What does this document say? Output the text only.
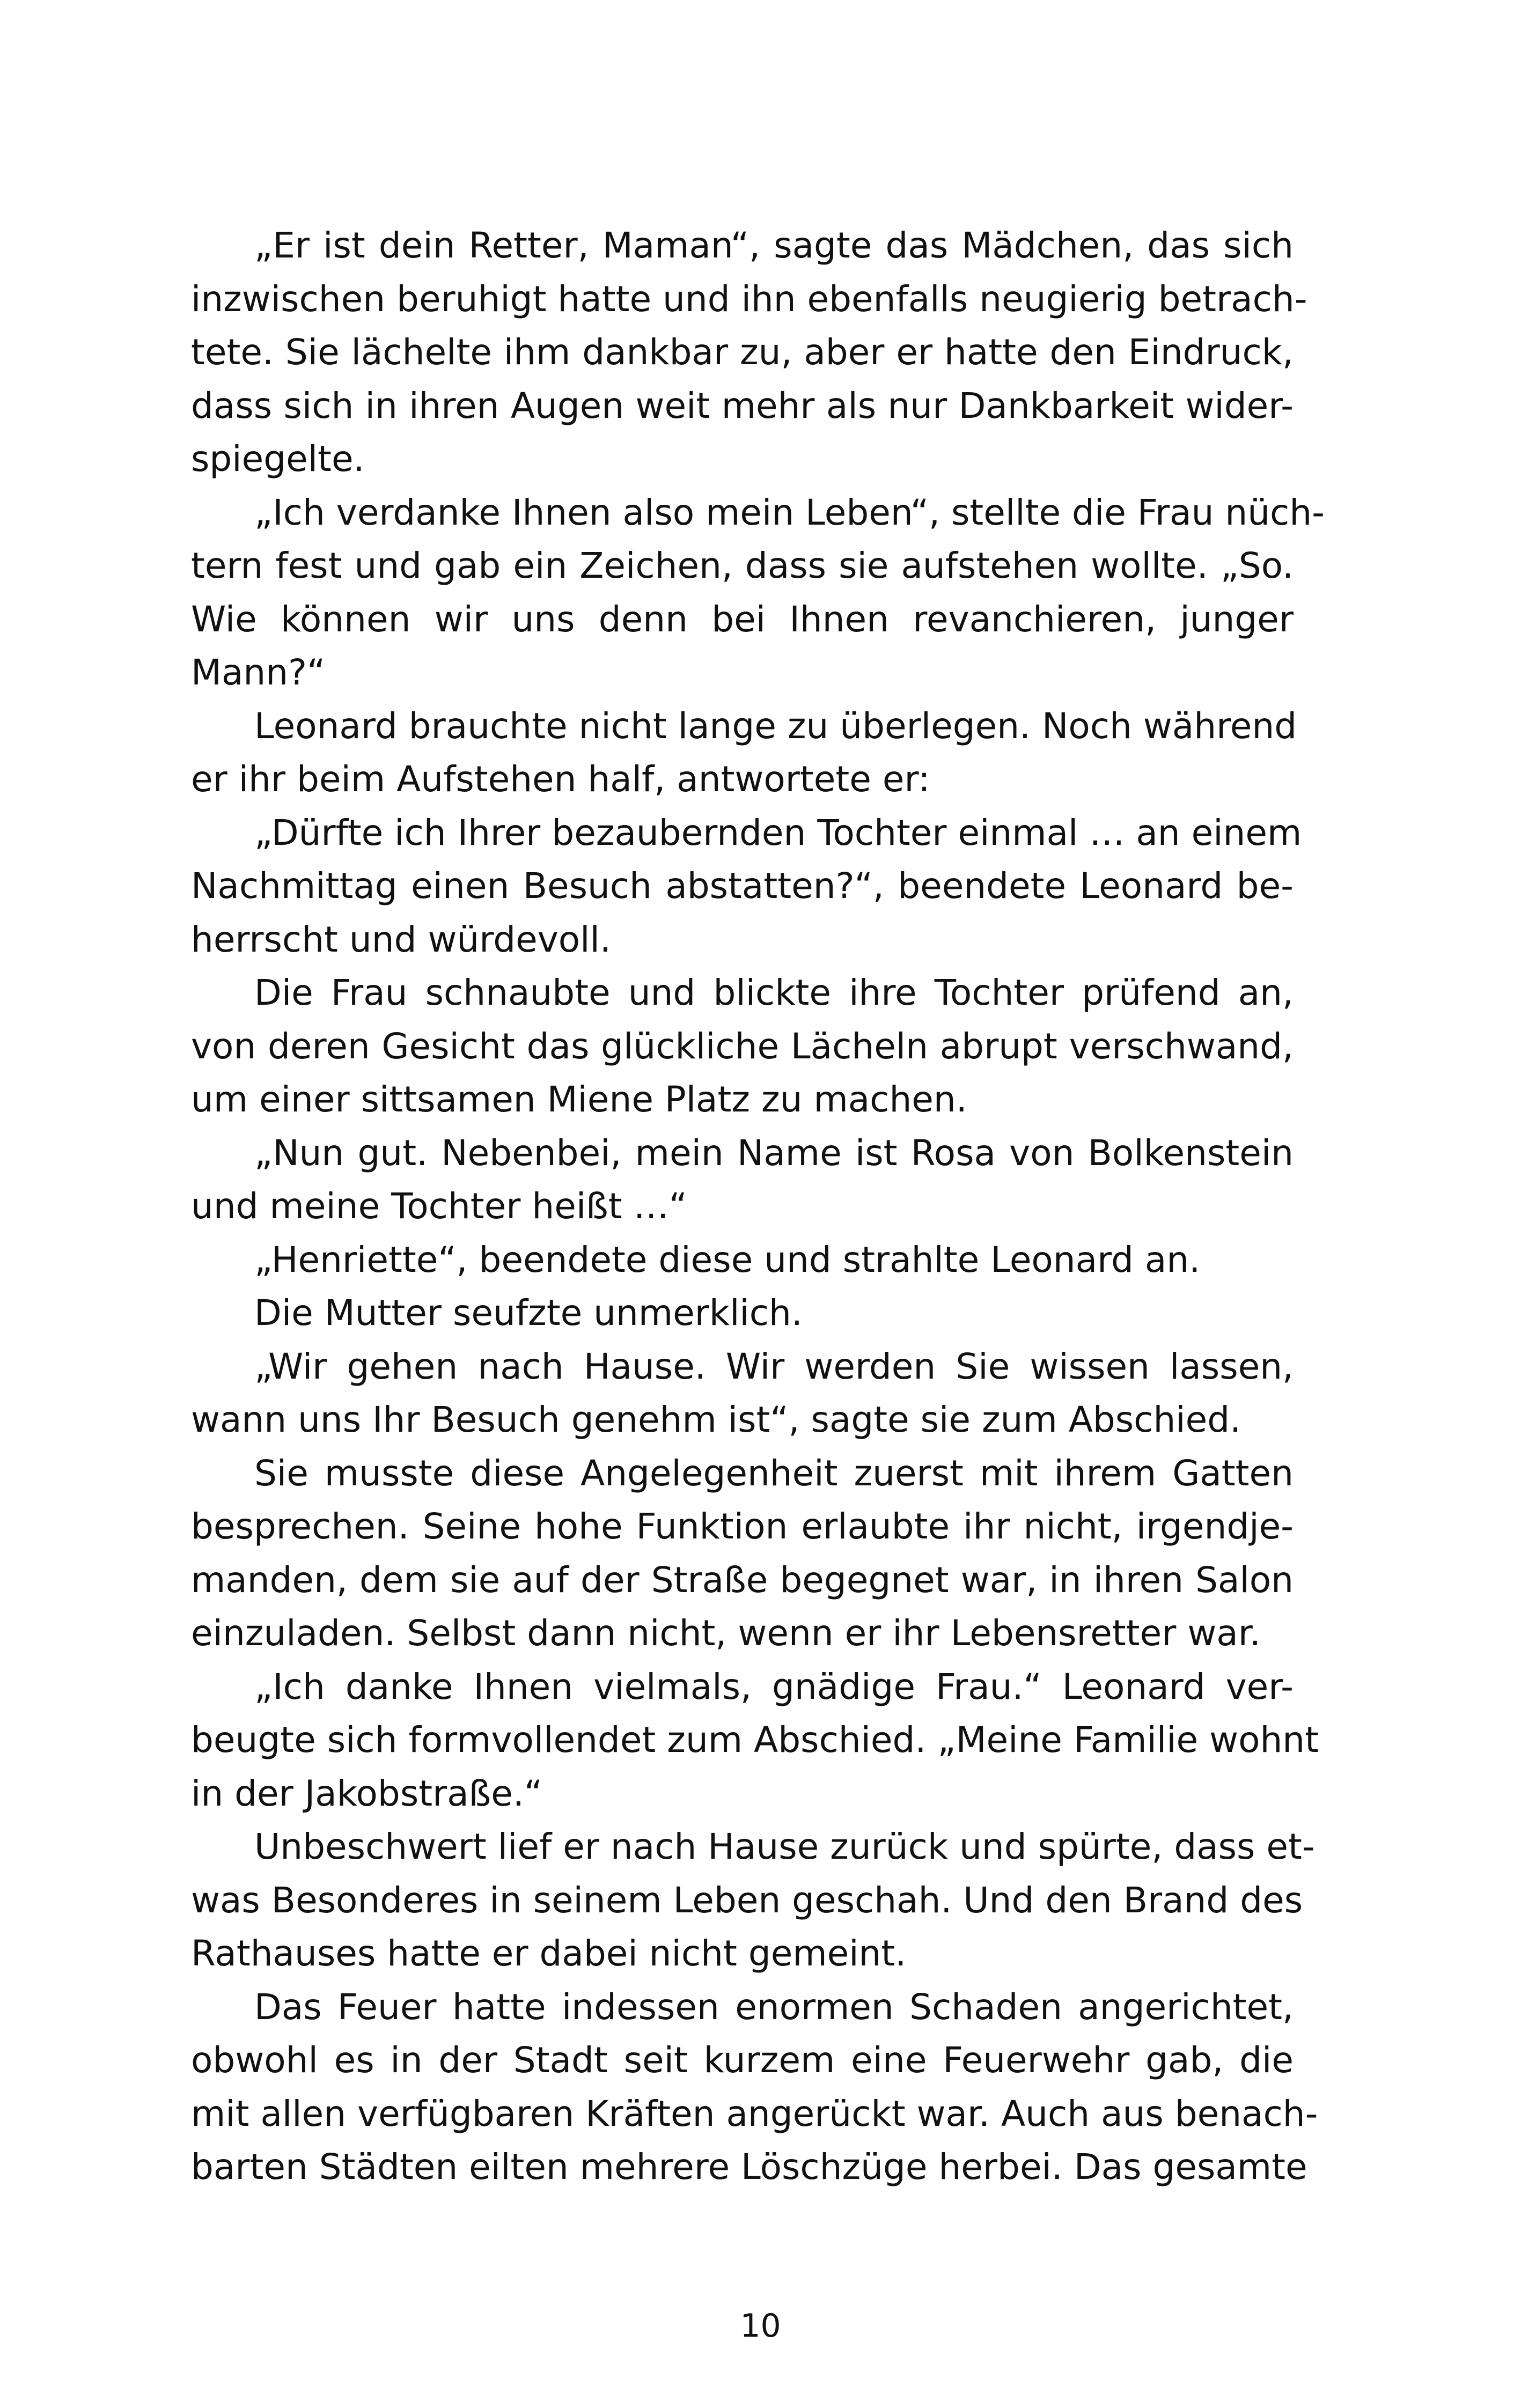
„Er ist dein Retter, Maman“, sagte das Mädchen, das sich
inzwischen beruhigt hatte und ihn ebenfalls neugierig betrach-
tete. Sie lächelte ihm dankbar zu, aber er hatte den Eindruck,
dass sich in ihren Augen weit mehr als nur Dankbarkeit wider-
spiegelte.
„Ich verdanke Ihnen also mein Leben“, stellte die Frau nüch-
tern fest und gab ein Zeichen, dass sie aufstehen wollte. „So.
Wie können wir uns denn bei Ihnen revanchieren, junger
Mann?“
Leonard brauchte nicht lange zu überlegen. Noch während
er ihr beim Aufstehen half, antwortete er:
„Dürfte ich Ihrer bezaubernden Tochter einmal … an einem
Nachmittag einen Besuch abstatten?“, beendete Leonard be-
herrscht und würdevoll.
Die Frau schnaubte und blickte ihre Tochter prüfend an,
von deren Gesicht das glückliche Lächeln abrupt verschwand,
um einer sittsamen Miene Platz zu machen.
„Nun gut. Nebenbei, mein Name ist Rosa von Bolkenstein
und meine Tochter heißt …“
„Henriette“, beendete diese und strahlte Leonard an.
Die Mutter seufzte unmerklich.
„Wir gehen nach Hause. Wir werden Sie wissen lassen,
wann uns Ihr Besuch genehm ist“, sagte sie zum Abschied.
Sie musste diese Angelegenheit zuerst mit ihrem Gatten
besprechen. Seine hohe Funktion erlaubte ihr nicht, irgendje-
manden, dem sie auf der Straße begegnet war, in ihren Salon
einzuladen. Selbst dann nicht, wenn er ihr Lebensretter war.
„Ich danke Ihnen vielmals, gnädige Frau.“ Leonard ver-
beugte sich formvollendet zum Abschied. „Meine Familie wohnt
in der Jakobstraße.“
Unbeschwert lief er nach Hause zurück und spürte, dass et-
was Besonderes in seinem Leben geschah. Und den Brand des
Rathauses hatte er dabei nicht gemeint.
Das Feuer hatte indessen enormen Schaden angerichtet,
obwohl es in der Stadt seit kurzem eine Feuerwehr gab, die
mit allen verfügbaren Kräften angerückt war. Auch aus benach-
barten Städten eilten mehrere Löschzüge herbei. Das gesamte
10
